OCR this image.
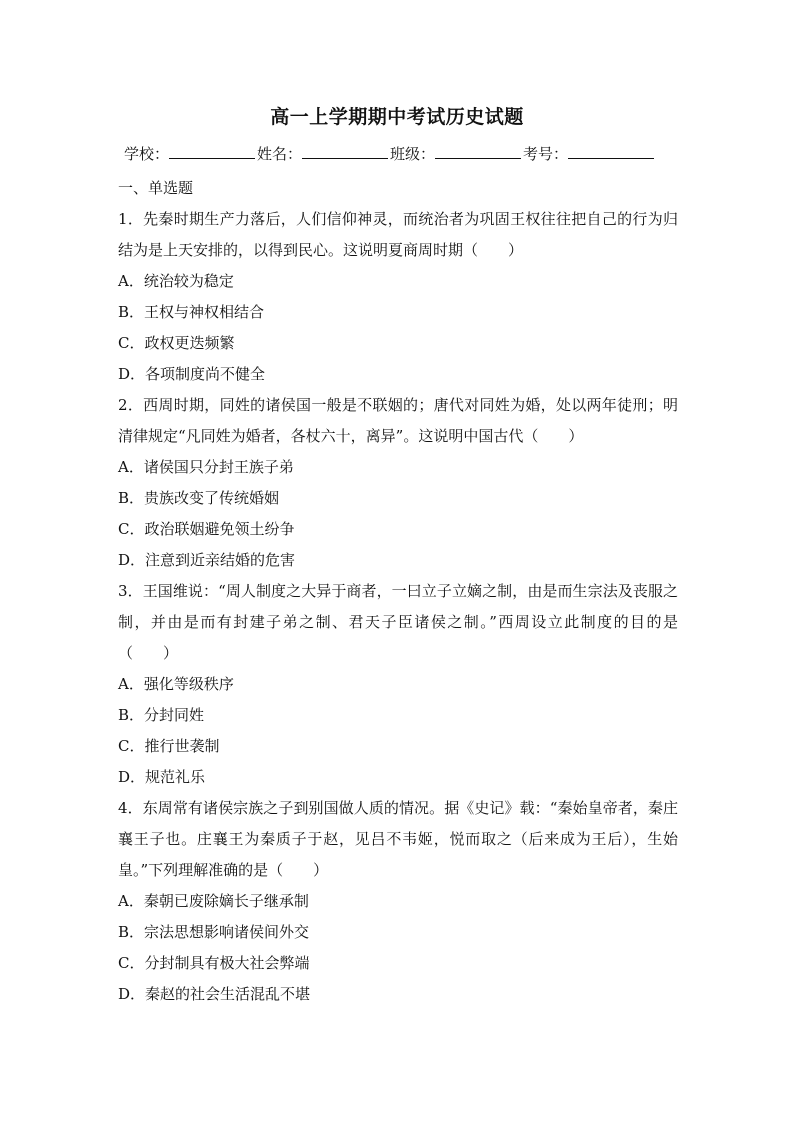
高一上学期期中考试历史试题
学校：	姓名：	班级：	考号：

一、单选题

1．先秦时期生产力落后，人们信仰神灵，而统治者为巩固王权往往把自己的行为归结为是上天安排的，以得到民心。这说明夏商周时期（　　）

A．统治较为稳定

B．王权与神权相结合

C．政权更迭频繁

D．各项制度尚不健全

2．西周时期，同姓的诸侯国一般是不联姻的；唐代对同姓为婚，处以两年徒刑；明清律规定“凡同姓为婚者，各杖六十，离异”。这说明中国古代（　　）

A．诸侯国只分封王族子弟

B．贵族改变了传统婚姻

C．政治联姻避免领土纷争

D．注意到近亲结婚的危害

3．王国维说：“周人制度之大异于商者，一曰立子立嫡之制，由是而生宗法及丧服之制，并由是而有封建子弟之制、君天子臣诸侯之制。”西周设立此制度的目的是（　　）

A．强化等级秩序

B．分封同姓

C．推行世袭制

D．规范礼乐

4．东周常有诸侯宗族之子到别国做人质的情况。据《史记》载：“秦始皇帝者，秦庄襄王子也。庄襄王为秦质子于赵，见吕不韦姬，悦而取之（后来成为王后），生始皇。”下列理解准确的是（　　）

A．秦朝已废除嫡长子继承制

B．宗法思想影响诸侯间外交

C．分封制具有极大社会弊端

D．秦赵的社会生活混乱不堪
